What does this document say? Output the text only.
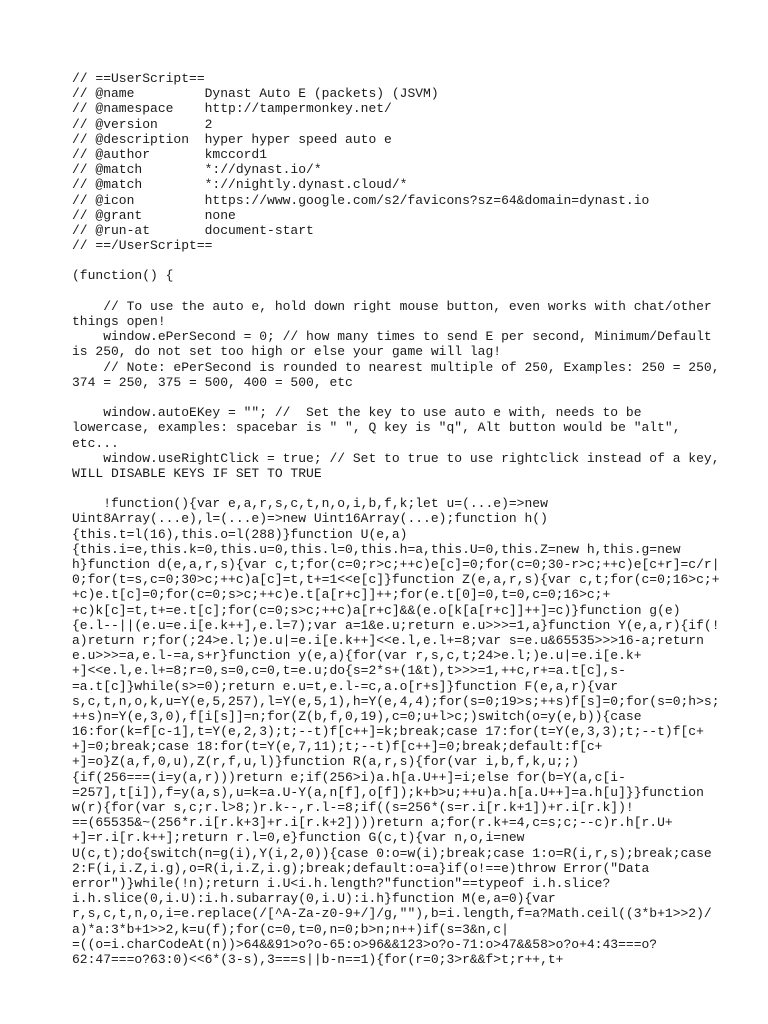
// ==UserScript==
// @name         Dynast Auto E (packets) (JSVM)
// @namespace    http://tampermonkey.net/
// @version      2
// @description  hyper hyper speed auto e
// @author       kmccord1
// @match        *://dynast.io/*
// @match        *://nightly.dynast.cloud/*
// @icon         https://www.google.com/s2/favicons?sz=64&domain=dynast.io
// @grant        none
// @run-at       document-start
// ==/UserScript==
(function() {
// To use the auto e, hold down right mouse button, even works with chat/other
things open!
window.ePerSecond = 0; // how many times to send E per second, Minimum/Default
is 250, do not set too high or else your game will lag!
// Note: ePerSecond is rounded to nearest multiple of 250, Examples: 250 = 250,
374 = 250, 375 = 500, 400 = 500, etc
window.autoEKey = ""; //  Set the key to use auto e with, needs to be
lowercase, examples: spacebar is " ", Q key is "q", Alt button would be "alt",
etc...
window.useRightClick = true; // Set to true to use rightclick instead of a key,
WILL DISABLE KEYS IF SET TO TRUE
!function(){var e,a,r,s,c,t,n,o,i,b,f,k;let u=(...e)=>new
Uint8Array(...e),l=(...e)=>new Uint16Array(...e);function h()
{this.t=l(16),this.o=l(288)}function U(e,a)
{this.i=e,this.k=0,this.u=0,this.l=0,this.h=a,this.U=0,this.Z=new h,this.g=new
h}function d(e,a,r,s){var c,t;for(c=0;r>c;++c)e[c]=0;for(c=0;30-r>c;++c)e[c+r]=c/r|
0;for(t=s,c=0;30>c;++c)a[c]=t,t+=1<<e[c]}function Z(e,a,r,s){var c,t;for(c=0;16>c;+
+c)e.t[c]=0;for(c=0;s>c;++c)e.t[a[r+c]]++;for(e.t[0]=0,t=0,c=0;16>c;+
+c)k[c]=t,t+=e.t[c];for(c=0;s>c;++c)a[r+c]&&(e.o[k[a[r+c]]++]=c)}function g(e)
{e.l--||(e.u=e.i[e.k++],e.l=7);var a=1&e.u;return e.u>>>=1,a}function Y(e,a,r){if(!
a)return r;for(;24>e.l;)e.u|=e.i[e.k++]<<e.l,e.l+=8;var s=e.u&65535>>>16-a;return
e.u>>>=a,e.l-=a,s+r}function y(e,a){for(var r,s,c,t;24>e.l;)e.u|=e.i[e.k+
+]<<e.l,e.l+=8;r=0,s=0,c=0,t=e.u;do{s=2*s+(1&t),t>>>=1,++c,r+=a.t[c],s-
=a.t[c]}while(s>=0);return e.u=t,e.l-=c,a.o[r+s]}function F(e,a,r){var
s,c,t,n,o,k,u=Y(e,5,257),l=Y(e,5,1),h=Y(e,4,4);for(s=0;19>s;++s)f[s]=0;for(s=0;h>s;
++s)n=Y(e,3,0),f[i[s]]=n;for(Z(b,f,0,19),c=0;u+l>c;)switch(o=y(e,b)){case
16:for(k=f[c-1],t=Y(e,2,3);t;--t)f[c++]=k;break;case 17:for(t=Y(e,3,3);t;--t)f[c+
+]=0;break;case 18:for(t=Y(e,7,11);t;--t)f[c++]=0;break;default:f[c+
+]=o}Z(a,f,0,u),Z(r,f,u,l)}function R(a,r,s){for(var i,b,f,k,u;;)
{if(256===(i=y(a,r)))return e;if(256>i)a.h[a.U++]=i;else for(b=Y(a,c[i-
=257],t[i]),f=y(a,s),u=k=a.U-Y(a,n[f],o[f]);k+b>u;++u)a.h[a.U++]=a.h[u]}}function
w(r){for(var s,c;r.l>8;)r.k--,r.l-=8;if((s=256*(s=r.i[r.k+1])+r.i[r.k])!
==(65535&~(256*r.i[r.k+3]+r.i[r.k+2])))return a;for(r.k+=4,c=s;c;--c)r.h[r.U+
+]=r.i[r.k++];return r.l=0,e}function G(c,t){var n,o,i=new
U(c,t);do{switch(n=g(i),Y(i,2,0)){case 0:o=w(i);break;case 1:o=R(i,r,s);break;case
2:F(i,i.Z,i.g),o=R(i,i.Z,i.g);break;default:o=a}if(o!==e)throw Error("Data
error")}while(!n);return i.U<i.h.length?"function"==typeof i.h.slice?
i.h.slice(0,i.U):i.h.subarray(0,i.U):i.h}function M(e,a=0){var
r,s,c,t,n,o,i=e.replace(/[^A-Za-z0-9+/]/g,""),b=i.length,f=a?Math.ceil((3*b+1>>2)/
a)*a:3*b+1>>2,k=u(f);for(c=0,t=0,n=0;b>n;n++)if(s=3&n,c|
=((o=i.charCodeAt(n))>64&&91>o?o-65:o>96&&123>o?o-71:o>47&&58>o?o+4:43===o?
62:47===o?63:0)<<6*(3-s),3===s||b-n==1){for(r=0;3>r&&f>t;r++,t+
